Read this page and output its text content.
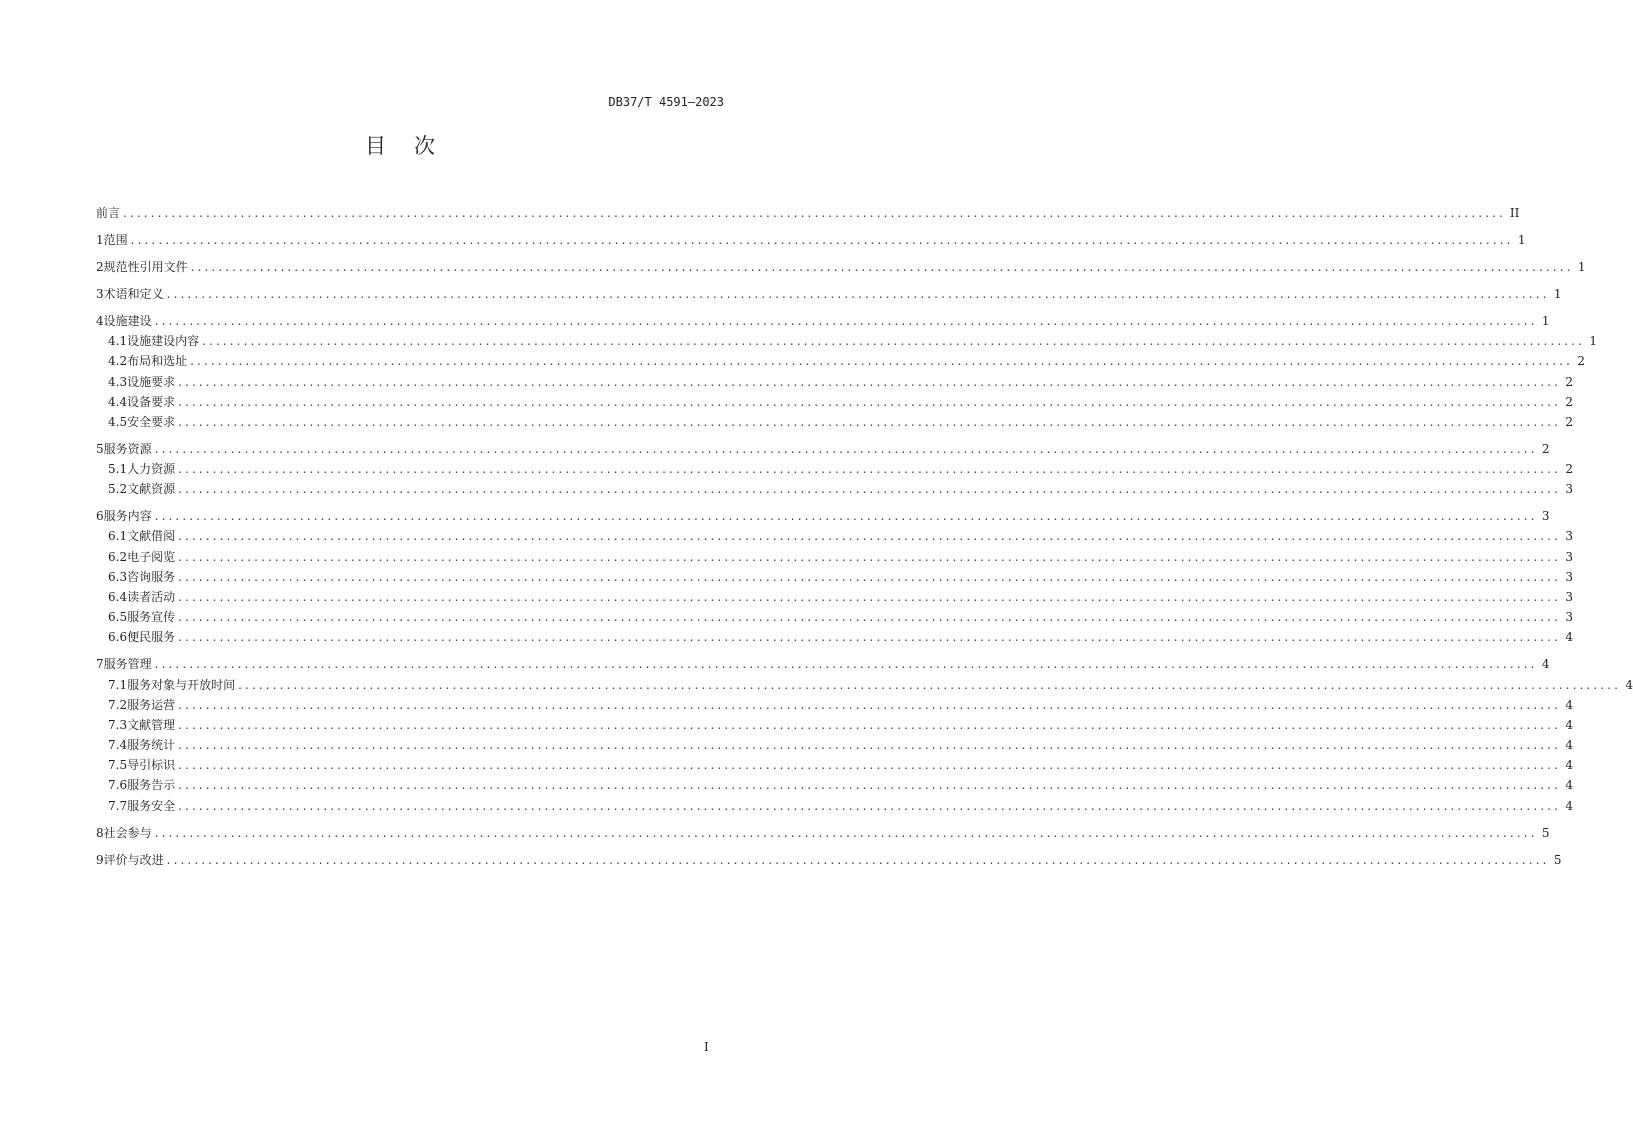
DB37/T 4591—2023
目次
前言 ........................................................................................................................................................................................................ II
1 范围 ........................................................................................................................................................................................................ 1
2 规范性引用文件 ........................................................................................................................................................................................................ 1
3 术语和定义 ........................................................................................................................................................................................................ 1
4 设施建设 ........................................................................................................................................................................................................ 1
4.1 设施建设内容 ........................................................................................................................................................................................................ 1
4.2 布局和选址 ........................................................................................................................................................................................................ 2
4.3 设施要求 ........................................................................................................................................................................................................ 2
4.4 设备要求 ........................................................................................................................................................................................................ 2
4.5 安全要求 ........................................................................................................................................................................................................ 2
5 服务资源 ........................................................................................................................................................................................................ 2
5.1 人力资源 ........................................................................................................................................................................................................ 2
5.2 文献资源 ........................................................................................................................................................................................................ 3
6 服务内容 ........................................................................................................................................................................................................ 3
6.1 文献借阅 ........................................................................................................................................................................................................ 3
6.2 电子阅览 ........................................................................................................................................................................................................ 3
6.3 咨询服务 ........................................................................................................................................................................................................ 3
6.4 读者活动 ........................................................................................................................................................................................................ 3
6.5 服务宣传 ........................................................................................................................................................................................................ 3
6.6 便民服务 ........................................................................................................................................................................................................ 4
7 服务管理 ........................................................................................................................................................................................................ 4
7.1 服务对象与开放时间 ........................................................................................................................................................................................................ 4
7.2 服务运营 ........................................................................................................................................................................................................ 4
7.3 文献管理 ........................................................................................................................................................................................................ 4
7.4 服务统计 ........................................................................................................................................................................................................ 4
7.5 导引标识 ........................................................................................................................................................................................................ 4
7.6 服务告示 ........................................................................................................................................................................................................ 4
7.7 服务安全 ........................................................................................................................................................................................................ 4
8 社会参与 ........................................................................................................................................................................................................ 5
9 评价与改进 ........................................................................................................................................................................................................ 5
I
